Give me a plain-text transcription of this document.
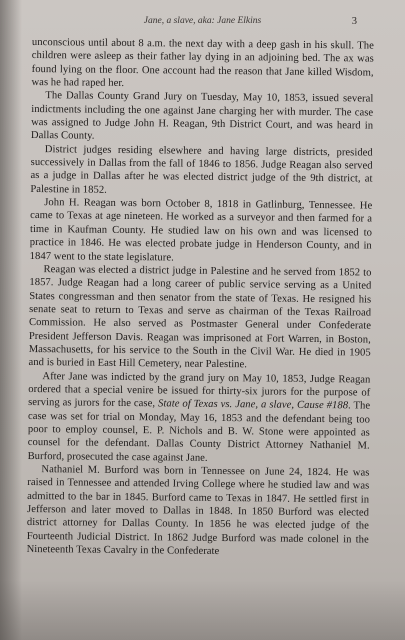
Jane, a slave, aka: Jane Elkins	3

unconscious until about 8 a.m. the next day with a deep gash in his skull. The children were asleep as their father lay dying in an adjoining bed. The ax was found lying on the floor. One account had the reason that Jane killed Wisdom, was he had raped her.

The Dallas County Grand Jury on Tuesday, May 10, 1853, issued several indictments including the one against Jane charging her with murder. The case was assigned to Judge John H. Reagan, 9th District Court, and was heard in Dallas County.

District judges residing elsewhere and having large districts, presided successively in Dallas from the fall of 1846 to 1856. Judge Reagan also served as a judge in Dallas after he was elected district judge of the 9th district, at Palestine in 1852.

John H. Reagan was born October 8, 1818 in Gatlinburg, Tennessee. He came to Texas at age nineteen. He worked as a surveyor and then farmed for a time in Kaufman County. He studied law on his own and was licensed to practice in 1846. He was elected probate judge in Henderson County, and in 1847 went to the state legislature.

Reagan was elected a district judge in Palestine and he served from 1852 to 1857. Judge Reagan had a long career of public service serving as a United States congressman and then senator from the state of Texas. He resigned his senate seat to return to Texas and serve as chairman of the Texas Railroad Commission. He also served as Postmaster General under Confederate President Jefferson Davis. Reagan was imprisoned at Fort Warren, in Boston, Massachusetts, for his service to the South in the Civil War. He died in 1905 and is buried in East Hill Cemetery, near Palestine.

After Jane was indicted by the grand jury on May 10, 1853, Judge Reagan ordered that a special venire be issued for thirty-six jurors for the purpose of serving as jurors for the case, State of Texas vs. Jane, a slave, Cause #188. The case was set for trial on Monday, May 16, 1853 and the defendant being too poor to employ counsel, E. P. Nichols and B. W. Stone were appointed as counsel for the defendant. Dallas County District Attorney Nathaniel M. Burford, prosecuted the case against Jane.

Nathaniel M. Burford was born in Tennessee on June 24, 1824. He was raised in Tennessee and attended Irving College where he studied law and was admitted to the bar in 1845. Burford came to Texas in 1847. He settled first in Jefferson and later moved to Dallas in 1848. In 1850 Burford was elected district attorney for Dallas County. In 1856 he was elected judge of the Fourteenth Judicial District. In 1862 Judge Burford was made colonel in the Nineteenth Texas Cavalry in the Confederate
